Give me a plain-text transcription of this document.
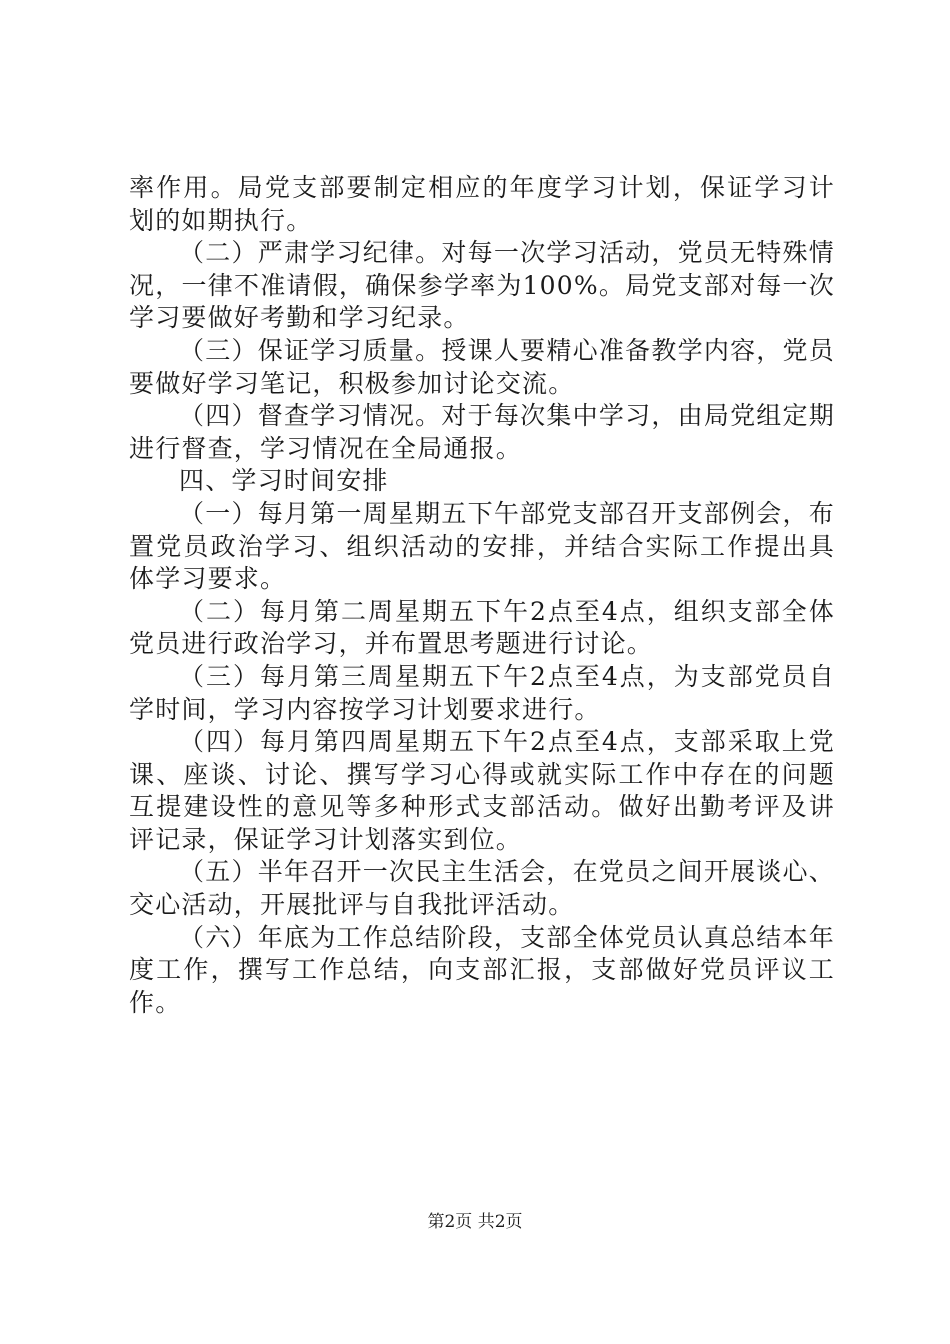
率作用。局党支部要制定相应的年度学习计划，保证学习计划的如期执行。

（二）严肃学习纪律。对每一次学习活动，党员无特殊情况，一律不准请假，确保参学率为100%。局党支部对每一次学习要做好考勤和学习纪录。

（三）保证学习质量。授课人要精心准备教学内容，党员要做好学习笔记，积极参加讨论交流。

（四）督查学习情况。对于每次集中学习，由局党组定期进行督查，学习情况在全局通报。

四、学习时间安排

（一）每月第一周星期五下午部党支部召开支部例会，布置党员政治学习、组织活动的安排，并结合实际工作提出具体学习要求。

（二）每月第二周星期五下午2点至4点，组织支部全体党员进行政治学习，并布置思考题进行讨论。

（三）每月第三周星期五下午2点至4点，为支部党员自学时间，学习内容按学习计划要求进行。

（四）每月第四周星期五下午2点至4点，支部采取上党课、座谈、讨论、撰写学习心得或就实际工作中存在的问题互提建设性的意见等多种形式支部活动。做好出勤考评及讲评记录，保证学习计划落实到位。

（五）半年召开一次民主生活会，在党员之间开展谈心、交心活动，开展批评与自我批评活动。

（六）年底为工作总结阶段，支部全体党员认真总结本年度工作，撰写工作总结，向支部汇报，支部做好党员评议工作。

第2页 共2页
